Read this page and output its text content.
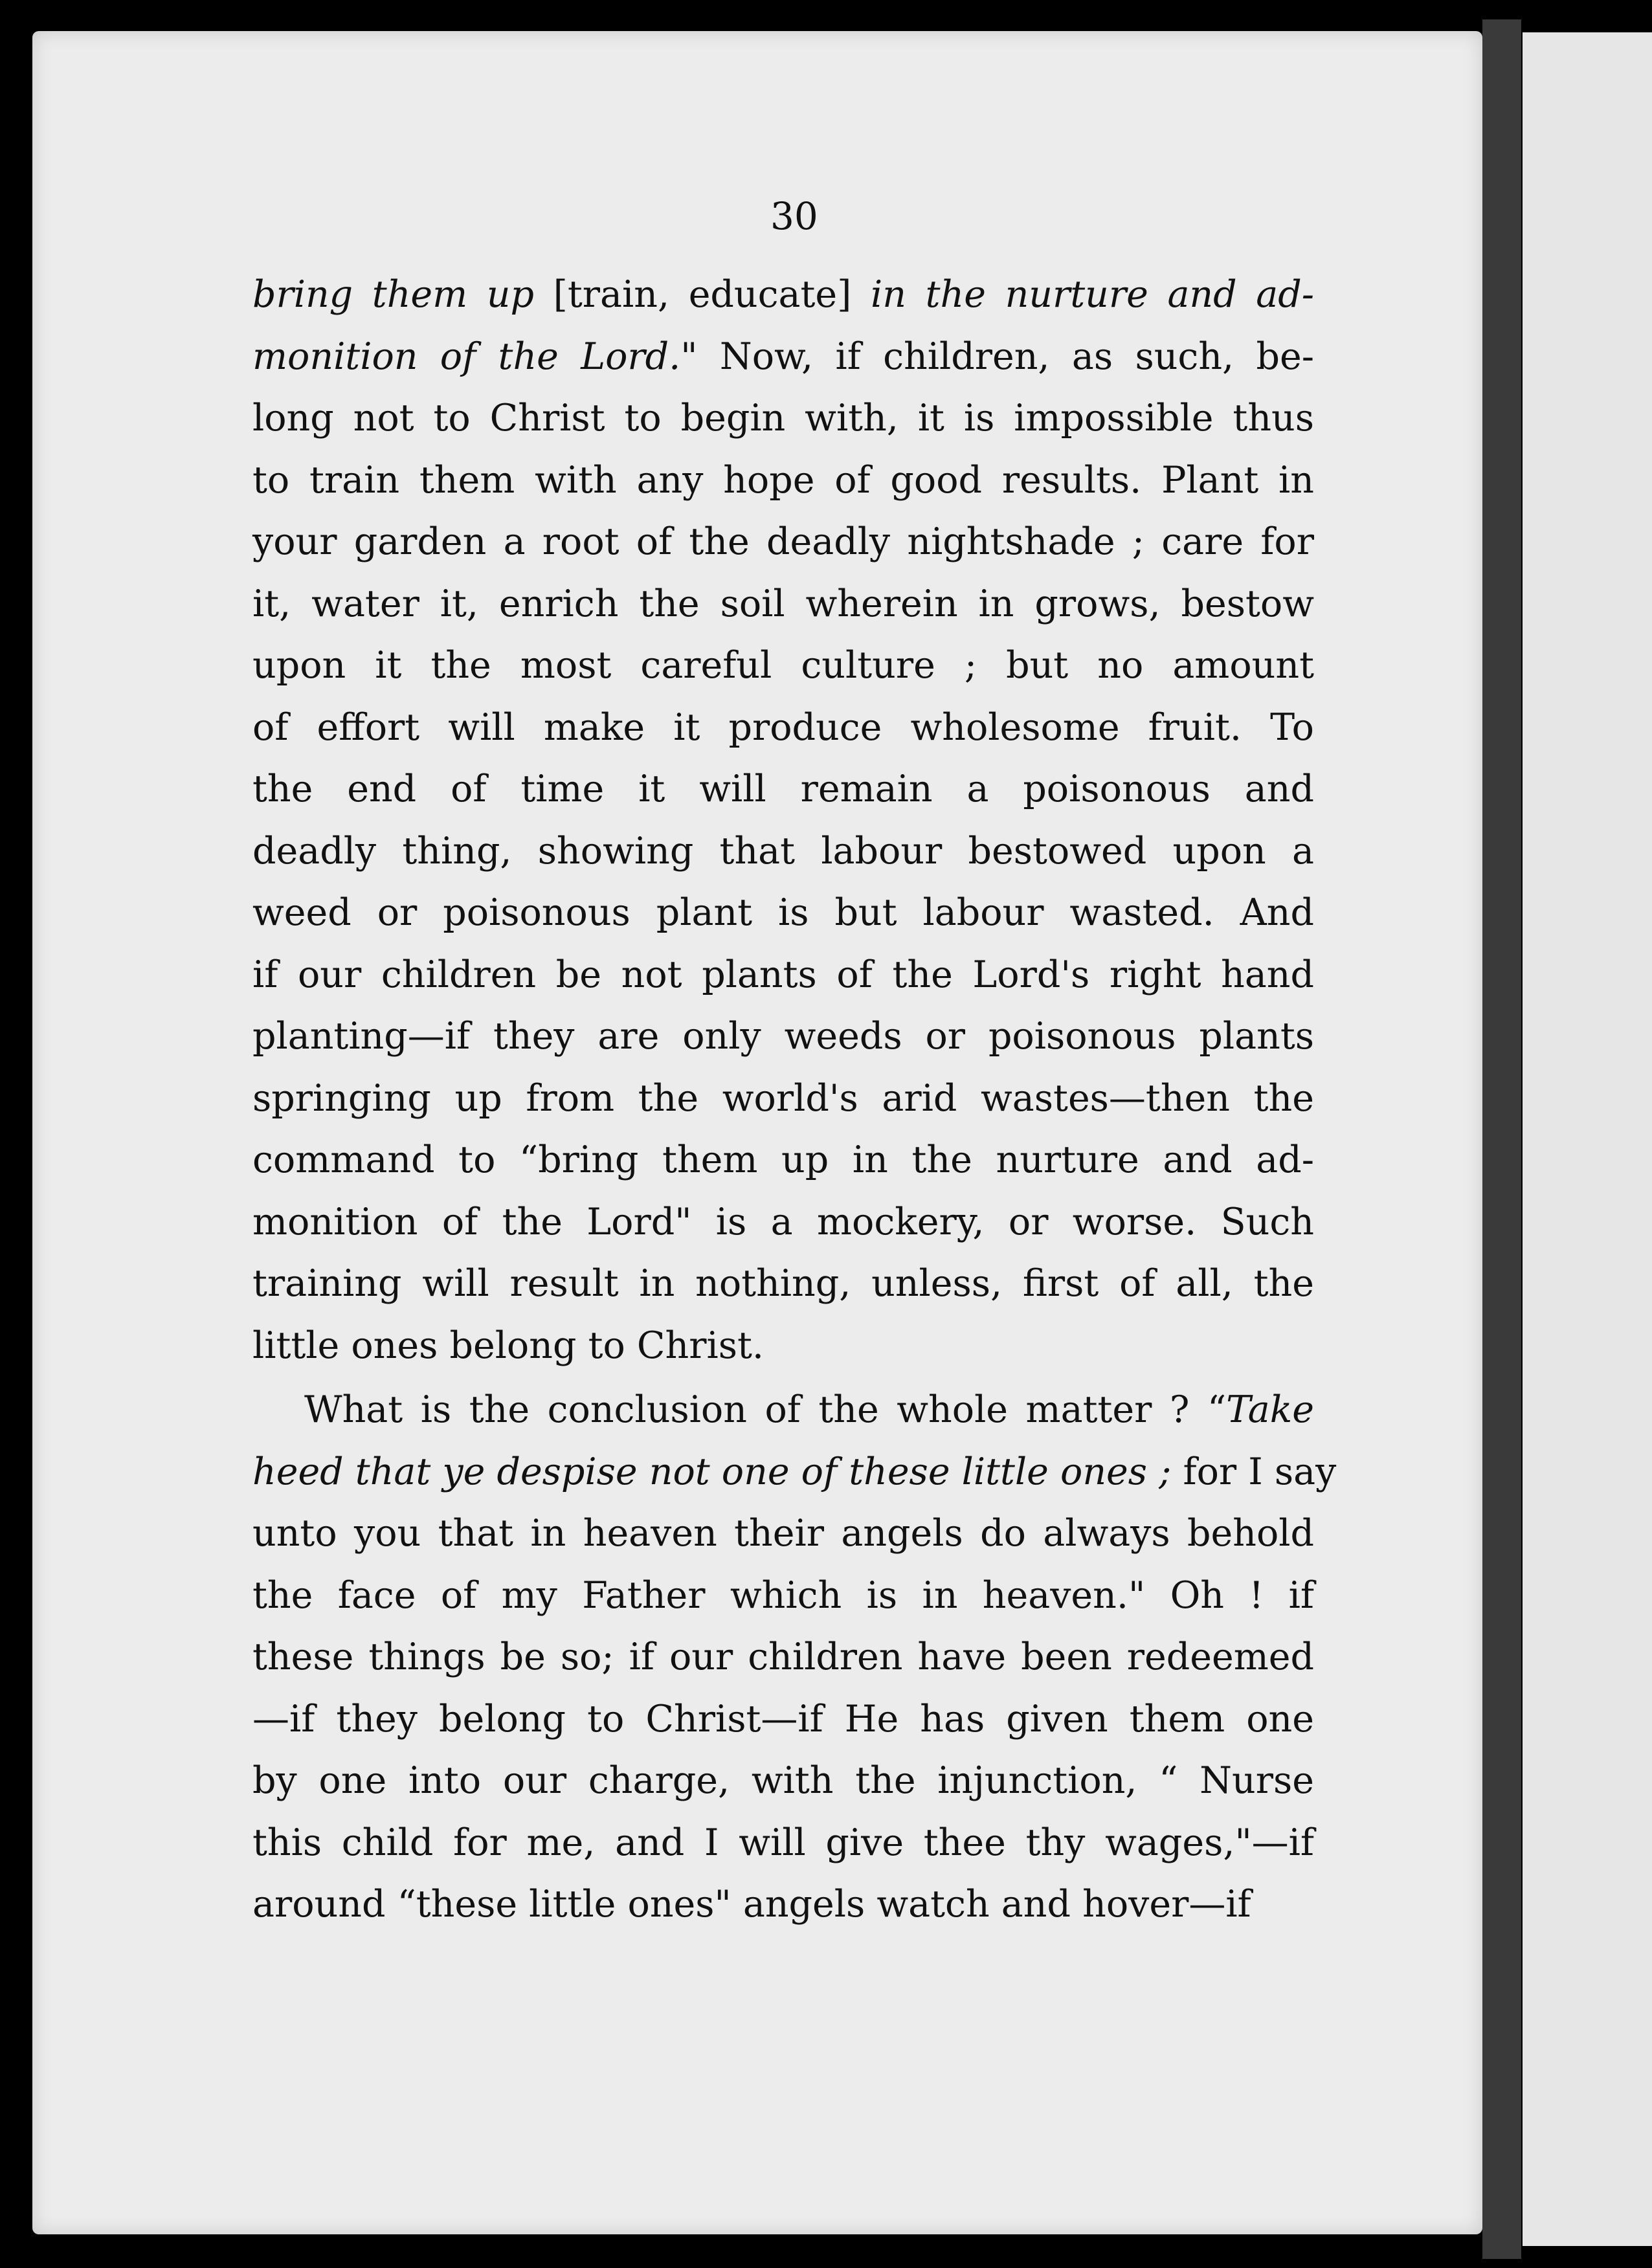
30
bring them up [train, educate] in the nurture and ad-
monition of the Lord." Now, if children, as such, be-
long not to Christ to begin with, it is impossible thus
to train them with any hope of good results. Plant in
your garden a root of the deadly nightshade ; care for
it, water it, enrich the soil wherein in grows, bestow
upon it the most careful culture ; but no amount
of effort will make it produce wholesome fruit. To
the end of time it will remain a poisonous and
deadly thing, showing that labour bestowed upon a
weed or poisonous plant is but labour wasted. And
if our children be not plants of the Lord's right hand
planting—if they are only weeds or poisonous plants
springing up from the world's arid wastes—then the
command to “bring them up in the nurture and ad-
monition of the Lord" is a mockery, or worse. Such
training will result in nothing, unless, first of all, the
little ones belong to Christ.
What is the conclusion of the whole matter ? “Take
heed that ye despise not one of these little ones ; for I say
unto you that in heaven their angels do always behold
the face of my Father which is in heaven." Oh ! if
these things be so; if our children have been redeemed
—if they belong to Christ—if He has given them one
by one into our charge, with the injunction, “ Nurse
this child for me, and I will give thee thy wages,"—if
around “these little ones" angels watch and hover—if
